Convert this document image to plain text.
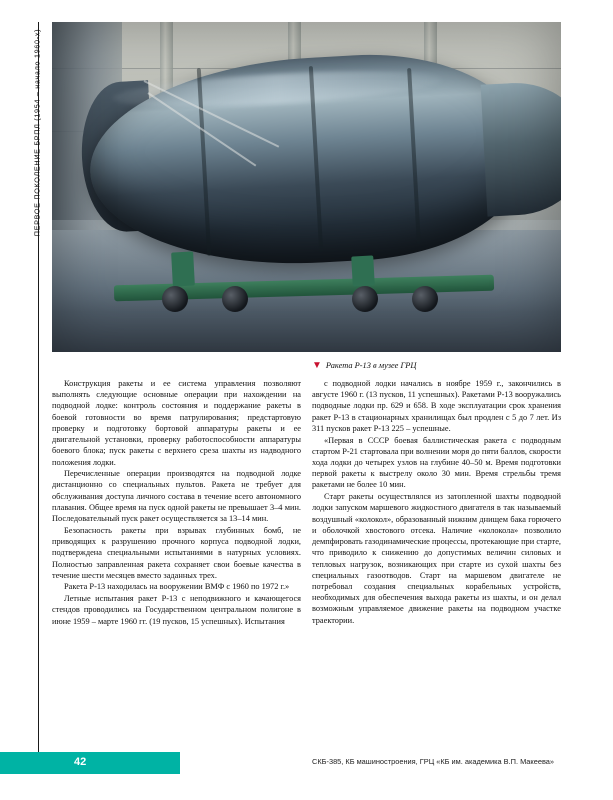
ПЕРВОЕ ПОКОЛЕНИЕ БРПЛ (1954 – начало 1960-х)
▼ Ракета Р-13 в музее ГРЦ

Конструкция ракеты и ее система управления позволяют выполнять следующие основные операции при нахождении на подводной лодке: контроль состояния и поддержание ракеты в боевой готовности во время патрулирования; предстартовую проверку и подготовку бортовой аппаратуры ракеты и ее двигательной установки, проверку работоспособности аппаратуры боевого блока; пуск ракеты с верхнего среза шахты из надводного положения лодки.

Перечисленные операции производятся на подводной лодке дистанционно со специальных пультов. Ракета не требует для обслуживания доступа личного состава в течение всего автономного плавания. Общее время на пуск одной ракеты не превышает 3–4 мин. Последовательный пуск ракет осуществляется за 13–14 мин.

Безопасность ракеты при взрывах глубинных бомб, не приводящих к разрушению прочного корпуса подводной лодки, подтверждена специальными испытаниями в натурных условиях. Полностью заправленная ракета сохраняет свои боевые качества в течение шести месяцев вместо заданных трех.

Ракета Р-13 находилась на вооружении ВМФ с 1960 по 1972 г.»

Летные испытания ракет Р-13 с неподвижного и качающегося стендов проводились на Государственном центральном полигоне в июне 1959 – марте 1960 гг. (19 пусков, 15 успешных). Испытания

с подводной лодки начались в ноябре 1959 г., закончились в августе 1960 г. (13 пусков, 11 успешных). Ракетами Р-13 вооружались подводные лодки пр. 629 и 658. В ходе эксплуатации срок хранения ракет Р-13 в стационарных хранилищах был продлен с 5 до 7 лет. Из 311 пусков ракет Р-13 225 – успешные.

«Первая в СССР боевая баллистическая ракета с подводным стартом Р-21 стартовала при волнении моря до пяти баллов, скорости хода лодки до четырех узлов на глубине 40–50 м. Время подготовки первой ракеты к выстрелу около 30 мин. Время стрельбы тремя ракетами не более 10 мин.

Старт ракеты осуществлялся из затопленной шахты подводной лодки запуском маршевого жидкостного двигателя в так называемый воздушный «колокол», образованный нижним днищем бака горючего и оболочкой хвостового отсека. Наличие «колокола» позволило демпфировать газодинамические процессы, протекающие при старте, что приводило к снижению до допустимых величин силовых и тепловых нагрузок, возникающих при старте из сухой шахты без специальных газоотводов. Старт на маршевом двигателе не потребовал создания специальных корабельных устройств, необходимых для обеспечения выхода ракеты из шахты, и он делал возможным управляемое движение ракеты на подводном участке траектории.

42	СКБ-385, КБ машиностроения, ГРЦ «КБ им. академика В.П. Макеева»
